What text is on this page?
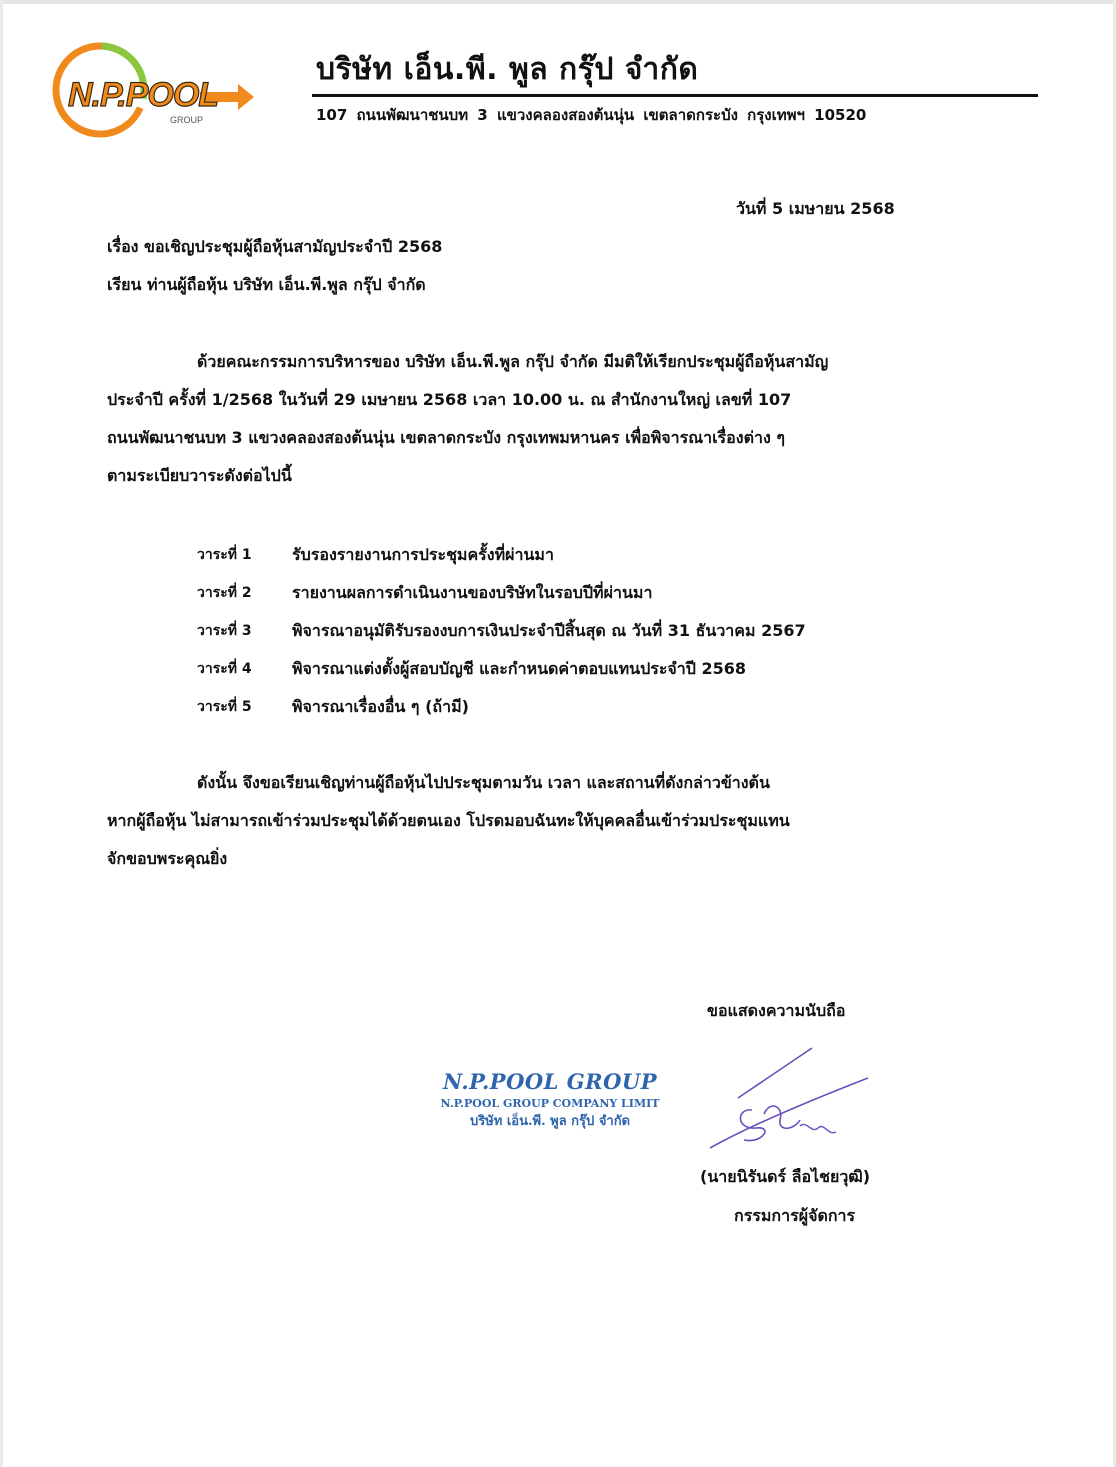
N.P.POOL
GROUP
บริษัท เอ็น.พี. พูล กรุ๊ป จำกัด
107 ถนนพัฒนาชนบท 3 แขวงคลองสองต้นนุ่น เขตลาดกระบัง กรุงเทพฯ 10520
วันที่ 5 เมษายน 2568
เรื่อง ขอเชิญประชุมผู้ถือหุ้นสามัญประจำปี 2568
เรียน ท่านผู้ถือหุ้น บริษัท เอ็น.พี.พูล กรุ๊ป จำกัด
ด้วยคณะกรรมการบริหารของ บริษัท เอ็น.พี.พูล กรุ๊ป จำกัด มีมติให้เรียกประชุมผู้ถือหุ้นสามัญ
ประจำปี ครั้งที่ 1/2568 ในวันที่ 29 เมษายน 2568 เวลา 10.00 น. ณ สำนักงานใหญ่ เลขที่ 107
ถนนพัฒนาชนบท 3 แขวงคลองสองต้นนุ่น เขตลาดกระบัง กรุงเทพมหานคร เพื่อพิจารณาเรื่องต่าง ๆ
ตามระเบียบวาระดังต่อไปนี้
วาระที่ 1	รับรองรายงานการประชุมครั้งที่ผ่านมา
วาระที่ 2	รายงานผลการดำเนินงานของบริษัทในรอบปีที่ผ่านมา
วาระที่ 3	พิจารณาอนุมัติรับรองงบการเงินประจำปีสิ้นสุด ณ วันที่ 31 ธันวาคม 2567
วาระที่ 4	พิจารณาแต่งตั้งผู้สอบบัญชี และกำหนดค่าตอบแทนประจำปี 2568
วาระที่ 5	พิจารณาเรื่องอื่น ๆ (ถ้ามี)
ดังนั้น จึงขอเรียนเชิญท่านผู้ถือหุ้นไปประชุมตามวัน เวลา และสถานที่ดังกล่าวข้างต้น
หากผู้ถือหุ้น ไม่สามารถเข้าร่วมประชุมได้ด้วยตนเอง โปรดมอบฉันทะให้บุคคลอื่นเข้าร่วมประชุมแทน
จักขอบพระคุณยิ่ง
ขอแสดงความนับถือ
N.P.POOL GROUP
N.P.POOL GROUP COMPANY LIMIT
บริษัท เอ็น.พี. พูล กรุ๊ป จำกัด
(นายนิรันดร์ ลือไชยวุฒิ)
กรรมการผู้จัดการ
